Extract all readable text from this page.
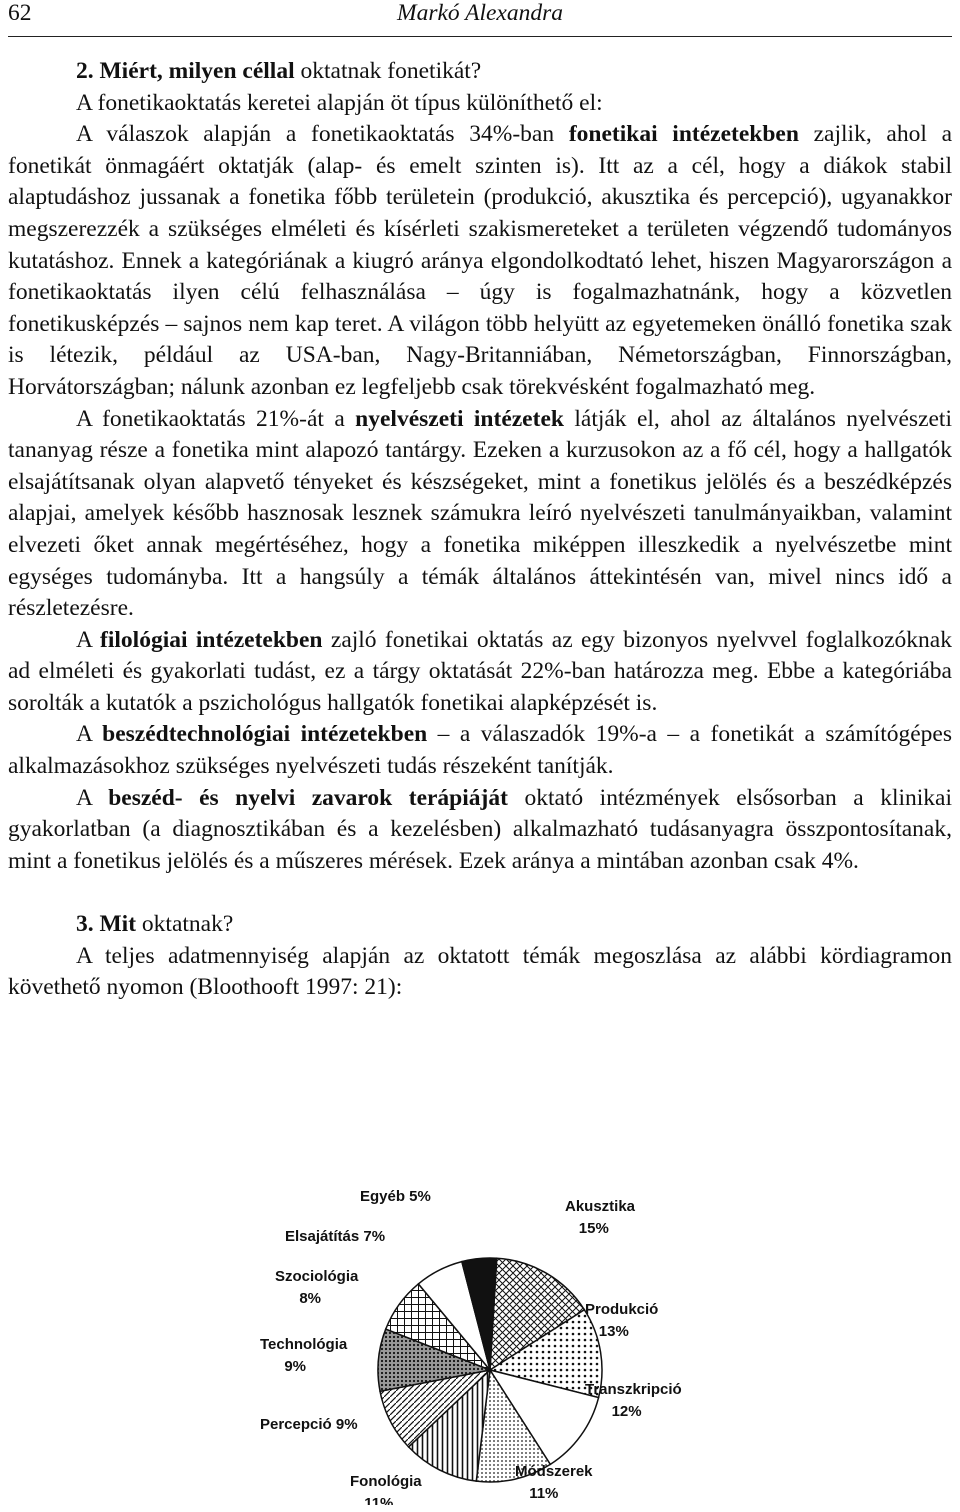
62	Markó Alexandra

2. Miért, milyen céllal oktatnak fonetikát?

A fonetikaoktatás keretei alapján öt típus különíthető el:

A válaszok alapján a fonetikaoktatás 34%-ban fonetikai intézetekben zajlik, ahol a fonetikát önmagáért oktatják (alap- és emelt szinten is). Itt az a cél, hogy a diákok stabil alaptudáshoz jussanak a fonetika főbb területein (produkció, akusztika és percepció), ugyanakkor megszerezzék a szükséges elméleti és kísérleti szakismereteket a területen végzendő tudományos kutatáshoz. Ennek a kategóriának a kiugró aránya elgondolkodtató lehet, hiszen Magyarországon a fonetikaoktatás ilyen célú felhasználása – úgy is fogalmazhatnánk, hogy a közvetlen fonetikusképzés – sajnos nem kap teret. A világon több helyütt az egyetemeken önálló fonetika szak is létezik, például az USA-ban, Nagy-Britanniában, Németországban, Finnországban, Horvátországban; nálunk azonban ez legfeljebb csak törekvésként fogalmazható meg.

A fonetikaoktatás 21%-át a nyelvészeti intézetek látják el, ahol az általános nyelvészeti tananyag része a fonetika mint alapozó tantárgy. Ezeken a kurzusokon az a fő cél, hogy a hallgatók elsajátítsanak olyan alapvető tényeket és készségeket, mint a fonetikus jelölés és a beszédképzés alapjai, amelyek később hasznosak lesznek számukra leíró nyelvészeti tanulmányaikban, valamint elvezeti őket annak megértéséhez, hogy a fonetika miképpen illeszkedik a nyelvészetbe mint egységes tudományba. Itt a hangsúly a témák általános áttekintésén van, mivel nincs idő a részletezésre.

A filológiai intézetekben zajló fonetikai oktatás az egy bizonyos nyelvvel foglalkozóknak ad elméleti és gyakorlati tudást, ez a tárgy oktatását 22%-ban határozza meg. Ebbe a kategóriába sorolták a kutatók a pszichológus hallgatók fonetikai alapképzését is.

A beszédtechnológiai intézetekben – a válaszadók 19%-a – a fonetikát a számítógépes alkalmazásokhoz szükséges nyelvészeti tudás részeként tanítják.

A beszéd- és nyelvi zavarok terápiáját oktató intézmények elsősorban a klinikai gyakorlatban (a diagnosztikában és a kezelésben) alkalmazható tudásanyagra összpontosítanak, mint a fonetikus jelölés és a műszeres mérések. Ezek aránya a mintában azonban csak 4%.

3. Mit oktatnak?

A teljes adatmennyiség alapján az oktatott témák megoszlása az alábbi kördiagramon követhető nyomon (Bloothooft 1997: 21):

Akusztika
15%
Produkció
13%
Transzkripció
12%
Módszerek
11%
Fonológia
11%
Percepció 9%
Technológia
9%
Szociológia
8%
Elsajátítás 7%
Egyéb 5%
